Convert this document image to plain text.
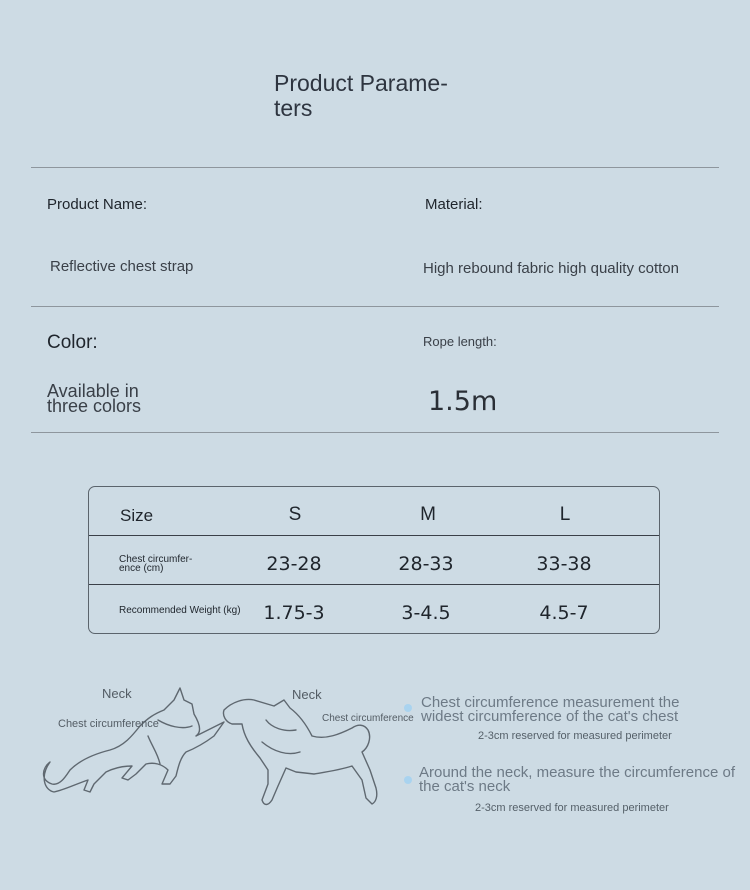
Product Parame-
ters
Product Name:
Reflective chest strap
Material:
High rebound fabric high quality cotton
Color:
Available in
three colors
Rope length:
1.5m
Size	S	M	L
Chest circumfer-
ence (cm)	23-28	28-33	33-38
Recommended Weight (kg)	1.75-3	3-4.5	4.5-7
Neck
Chest circumference
Neck
Chest circumference
Chest circumference measurement the
widest circumference of the cat's chest
2-3cm reserved for measured perimeter
Around the neck, measure the circumference of
the cat's neck
2-3cm reserved for measured perimeter
